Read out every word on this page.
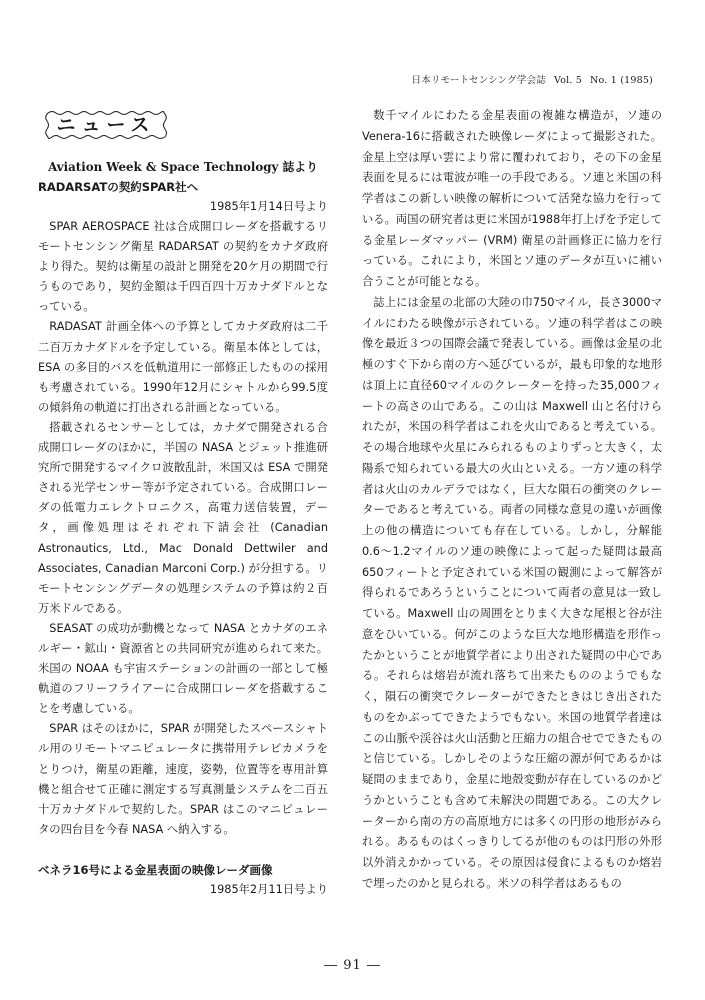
日本リモートセンシング学会誌 Vol. 5 No. 1 (1985)
ニュース
Aviation Week & Space Technology 誌より
RADARSATの契約SPAR社へ
1985年1月14日号より

SPAR AEROSPACE 社は合成開口レーダを搭載するリモートセンシング衛星 RADARSAT の契約をカナダ政府より得た。契約は衛星の設計と開発を20ケ月の期間で行うものであり，契約金額は千四百四十万カナダドルとなっている。

RADASAT 計画全体への予算としてカナダ政府は二千二百万カナダドルを予定している。衛星本体としては，ESA の多目的バスを低軌道用に一部修正したものの採用も考慮されている。1990年12月にシャトルから99.5度の傾斜角の軌道に打出される計画となっている。

搭載されるセンサーとしては，カナダで開発される合成開口レーダのほかに，半国の NASA とジェット推進研究所で開発するマイクロ波散乱計，米国又は ESA で開発される光学センサー等が予定されている。合成開口レーダの低電力エレクトロニクス，高電力送信装置，データ，画像処理はそれぞれ下請会社 (Canadian Astronautics, Ltd., Mac Donald Dettwiler and Associates, Canadian Marconi Corp.) が分担する。リモートセンシングデータの処理システムの予算は約２百万米ドルである。

SEASAT の成功が動機となって NASA とカナダのエネルギー・鉱山・資源省との共同研究が進められて来た。米国の NOAA も宇宙ステーションの計画の一部として極軌道のフリーフライアーに合成開口レーダを搭載することを考慮している。

SPAR はそのほかに，SPAR が開発したスペースシャトル用のリモートマニピュレータに携帯用テレビカメラをとりつけ，衛星の距離，速度，姿勢，位置等を専用計算機と組合せて正確に測定する写真測量システムを二百五十万カナダドルで契約した。SPAR はこのマニピュレータの四台目を今春 NASA へ納入する。

ベネラ16号による金星表面の映像レーダ画像
1985年2月11日号より

数千マイルにわたる金星表面の複雑な構造が，ソ連の Venera-16に搭載された映像レーダによって撮影された。金星上空は厚い雲により常に覆われており，その下の金星表面を見るには電波が唯一の手段である。ソ連と米国の科学者はこの新しい映像の解析について活発な協力を行っている。両国の研究者は更に米国が1988年打上げを予定してる金星レーダマッパー (VRM) 衛星の計画修正に協力を行っている。これにより，米国とソ連のデータが互いに補い合うことが可能となる。

誌上には金星の北部の大陸の巾750マイル，長さ3000マイルにわたる映像が示されている。ソ連の科学者はこの映像を最近３つの国際会議で発表している。画像は金星の北極のすぐ下から南の方へ延びているが，最も印象的な地形は頂上に直径60マイルのクレーターを持った35,000フィートの高さの山である。この山は Maxwell 山と名付けられたが，米国の科学者はこれを火山であると考えている。その場合地球や火星にみられるものよりずっと大きく，太陽系で知られている最大の火山といえる。一方ソ連の科学者は火山のカルデラではなく，巨大な隕石の衝突のクレーターであると考えている。両者の同様な意見の違いが画像上の他の構造についても存在している。しかし，分解能0.6〜1.2マイルのソ連の映像によって起った疑問は最高650フィートと予定されている米国の観測によって解答が得られるであろうということについて両者の意見は一致している。Maxwell 山の周囲をとりまく大きな尾根と谷が注意をひいている。何がこのような巨大な地形構造を形作ったかということが地質学者により出された疑問の中心である。それらは熔岩が流れ落ちて出来たもののようでもなく，隕石の衝突でクレーターができたときはじき出されたものをかぶってできたようでもない。米国の地質学者達はこの山脈や渓谷は火山活動と圧縮力の組合せでできたものと信じている。しかしそのような圧縮の源が何であるかは疑問のままであり，金星に地殻変動が存在しているのかどうかということも含めて未解決の問題である。この大クレーターから南の方の高原地方には多くの円形の地形がみられる。あるものはくっきりしてるが他のものは円形の外形以外消えかかっている。その原因は侵食によるものか熔岩で埋ったのかと見られる。米ソの科学者はあるもの

― 91 ―
